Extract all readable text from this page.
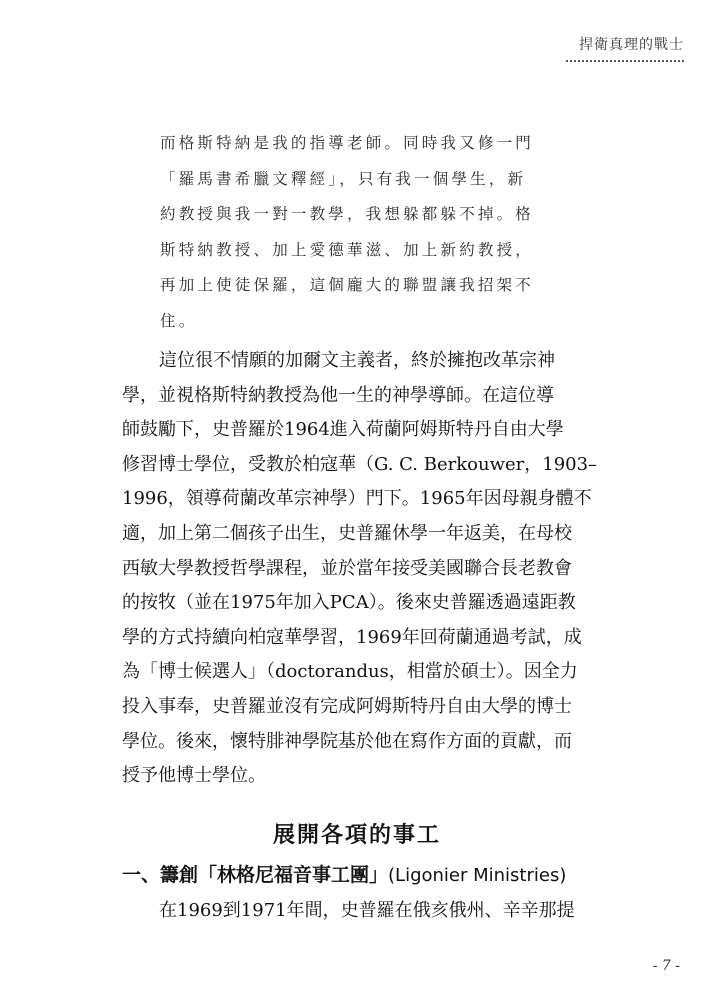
捍衛真理的戰士
而格斯特納是我的指導老師。同時我又修一門
「羅馬書希臘文釋經」，只有我一個學生，新
約教授與我一對一教學，我想躲都躲不掉。格
斯特納教授、加上愛德華滋、加上新約教授，
再加上使徒保羅，這個龐大的聯盟讓我招架不
住。
這位很不情願的加爾文主義者，終於擁抱改革宗神
學，並視格斯特納教授為他一生的神學導師。在這位導
師鼓勵下，史普羅於1964進入荷蘭阿姆斯特丹自由大學
修習博士學位，受教於柏寇華（G. C. Berkouwer，1903–
1996，領導荷蘭改革宗神學）門下。1965年因母親身體不
適，加上第二個孩子出生，史普羅休學一年返美，在母校
西敏大學教授哲學課程，並於當年接受美國聯合長老教會
的按牧（並在1975年加入PCA）。後來史普羅透過遠距教
學的方式持續向柏寇華學習，1969年回荷蘭通過考試，成
為「博士候選人」（doctorandus，相當於碩士）。因全力
投入事奉，史普羅並沒有完成阿姆斯特丹自由大學的博士
學位。後來，懷特腓神學院基於他在寫作方面的貢獻，而
授予他博士學位。
展開各項的事工
一、籌創「林格尼福音事工團」(Ligonier Ministries)
在1969到1971年間，史普羅在俄亥俄州、辛辛那提
- 7 -
